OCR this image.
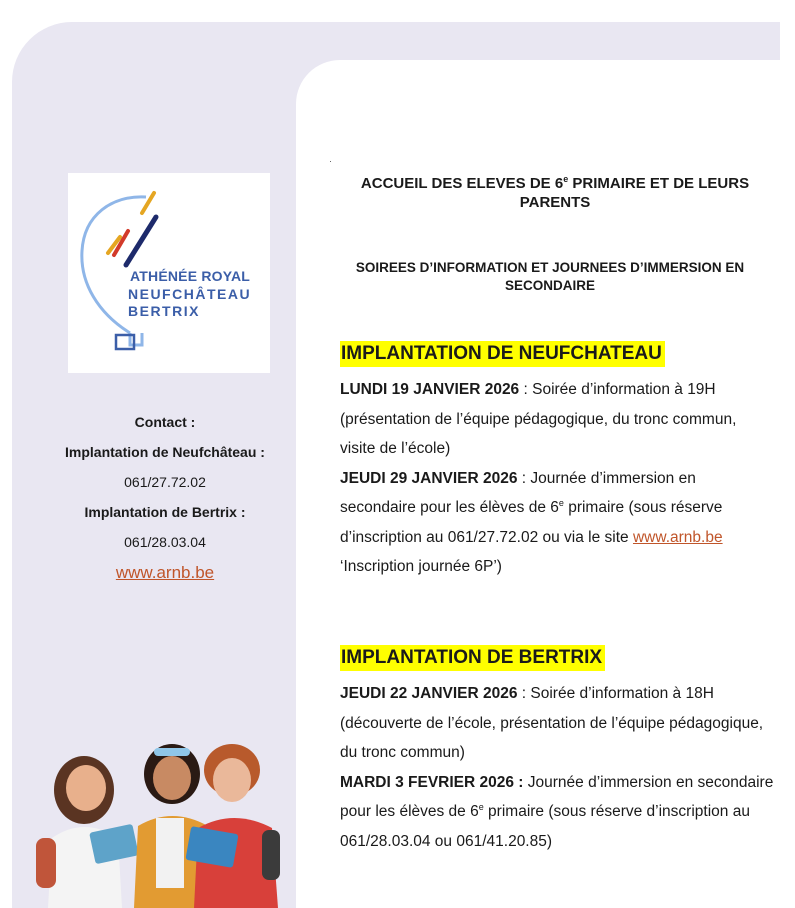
ATHÉNÉE ROYAL
NEUFCHÂTEAU
BERTRIX
Contact :
Implantation de Neufchâteau :
061/27.72.02
Implantation de Bertrix :
061/28.03.04
www.arnb.be
ACCUEIL DES ELEVES DE 6e PRIMAIRE ET DE LEURS PARENTS
SOIREES D’INFORMATION ET JOURNEES D’IMMERSION EN SECONDAIRE
IMPLANTATION DE NEUFCHATEAU

LUNDI 19 JANVIER 2026 : Soirée d’information à 19H (présentation de l’équipe pédagogique, du tronc commun, visite de l’école)

JEUDI 29 JANVIER 2026 : Journée d’immersion en secondaire pour les élèves de 6e primaire (sous réserve d’inscription au 061/27.72.02 ou via le site www.arnb.be ‘Inscription journée 6P’)

IMPLANTATION DE BERTRIX

JEUDI 22 JANVIER 2026 : Soirée d’information à 18H (découverte de l’école, présentation de l’équipe pédagogique, du tronc commun)

MARDI 3 FEVRIER 2026 : Journée d’immersion en secondaire pour les élèves de 6e primaire (sous réserve d’inscription au 061/28.03.04 ou 061/41.20.85)
